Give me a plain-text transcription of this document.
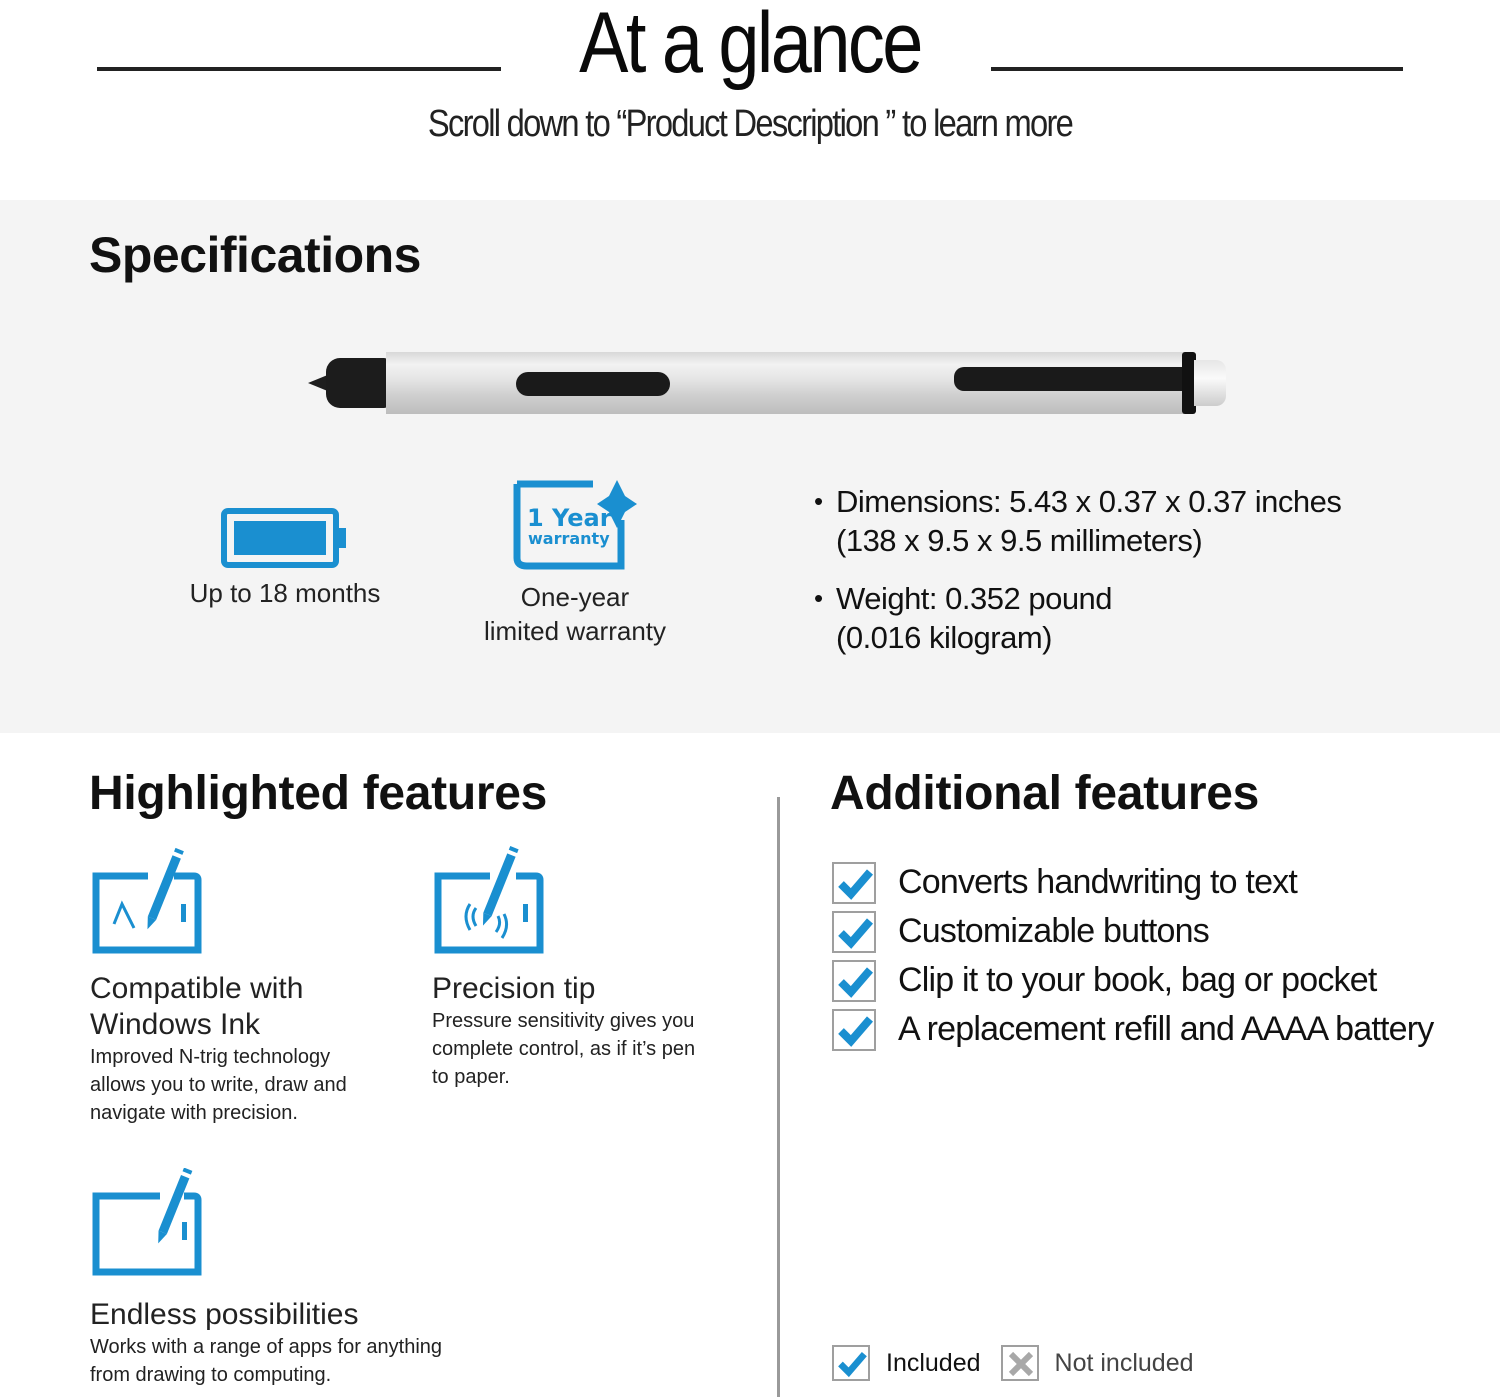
At a glance
Scroll down to “Product Description ” to learn more
Specifications
Up to 18 months
1 Year
warranty
One-year
limited warranty
• Dimensions: 5.43 x 0.37 x 0.37 inches
(138 x 9.5 x 9.5 millimeters)
• Weight: 0.352 pound
(0.016 kilogram)
Highlighted features	Additional features
Compatible with
Windows Ink
Improved N-trig technology
allows you to write, draw and
navigate with precision.
Precision tip
Pressure sensitivity gives you
complete control, as if it’s pen
to paper.
Endless possibilities
Works with a range of apps for anything
from drawing to computing.
Converts handwriting to text
Customizable buttons
Clip it to your book, bag or pocket
A replacement refill and AAAA battery
Included	Not included
